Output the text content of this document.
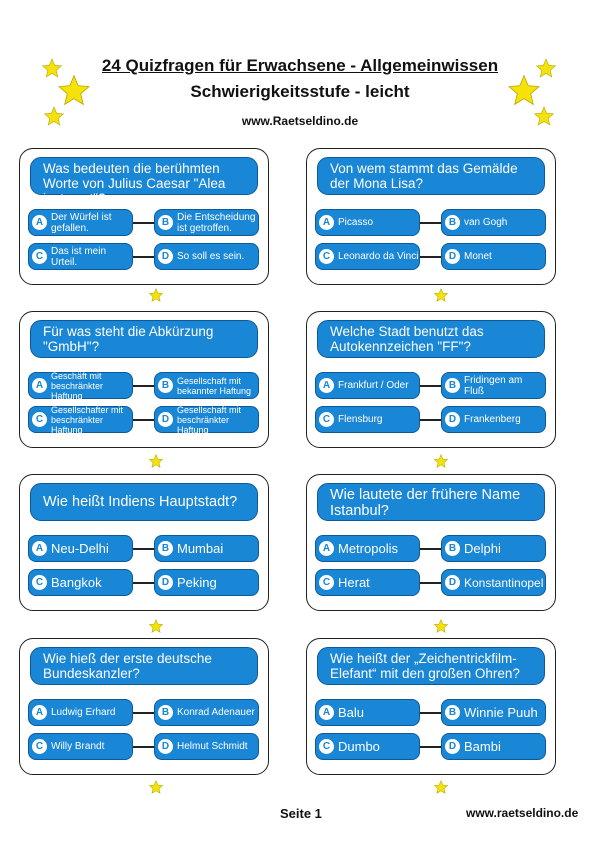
24 Quizfragen für Erwachsene - Allgemeinwissen
Schwierigkeitsstufe - leicht
www.Raetseldino.de
Was bedeuten die berühmten Worte von Julius Caesar "Alea iacta est"?
A Der Würfel ist gefallen.	B Die Entscheidung ist getroffen.
C Das ist mein Urteil.	D So soll es sein.
Von wem stammt das Gemälde der Mona Lisa?
A Picasso	B van Gogh
C Leonardo da Vinci	D Monet
Für was steht die Abkürzung "GmbH"?
A
Geschäft mit beschränkter Haftung
B Gesellschaft mit bekannter Haftung
C
Gesellschafter mit beschränkter Haftung
D
Gesellschaft mit beschränkter Haftung
Welche Stadt benutzt das Autokennzeichen "FF"?
A Frankfurt / Oder	B Fridingen am Fluß
C Flensburg	D Frankenberg
Wie heißt Indiens Hauptstadt?
A Neu-Delhi	B Mumbai
C Bangkok	D Peking
Wie lautete der frühere Name Istanbul?
A Metropolis	B Delphi
C Herat	D Konstantinopel
Wie hieß der erste deutsche Bundeskanzler?
A Ludwig Erhard	B Konrad Adenauer
C Willy Brandt	D Helmut Schmidt
Wie heißt der „Zeichentrickfilm-Elefant“ mit den großen Ohren?
A Balu	B Winnie Puuh
C Dumbo	D Bambi
Seite 1	www.raetseldino.de
